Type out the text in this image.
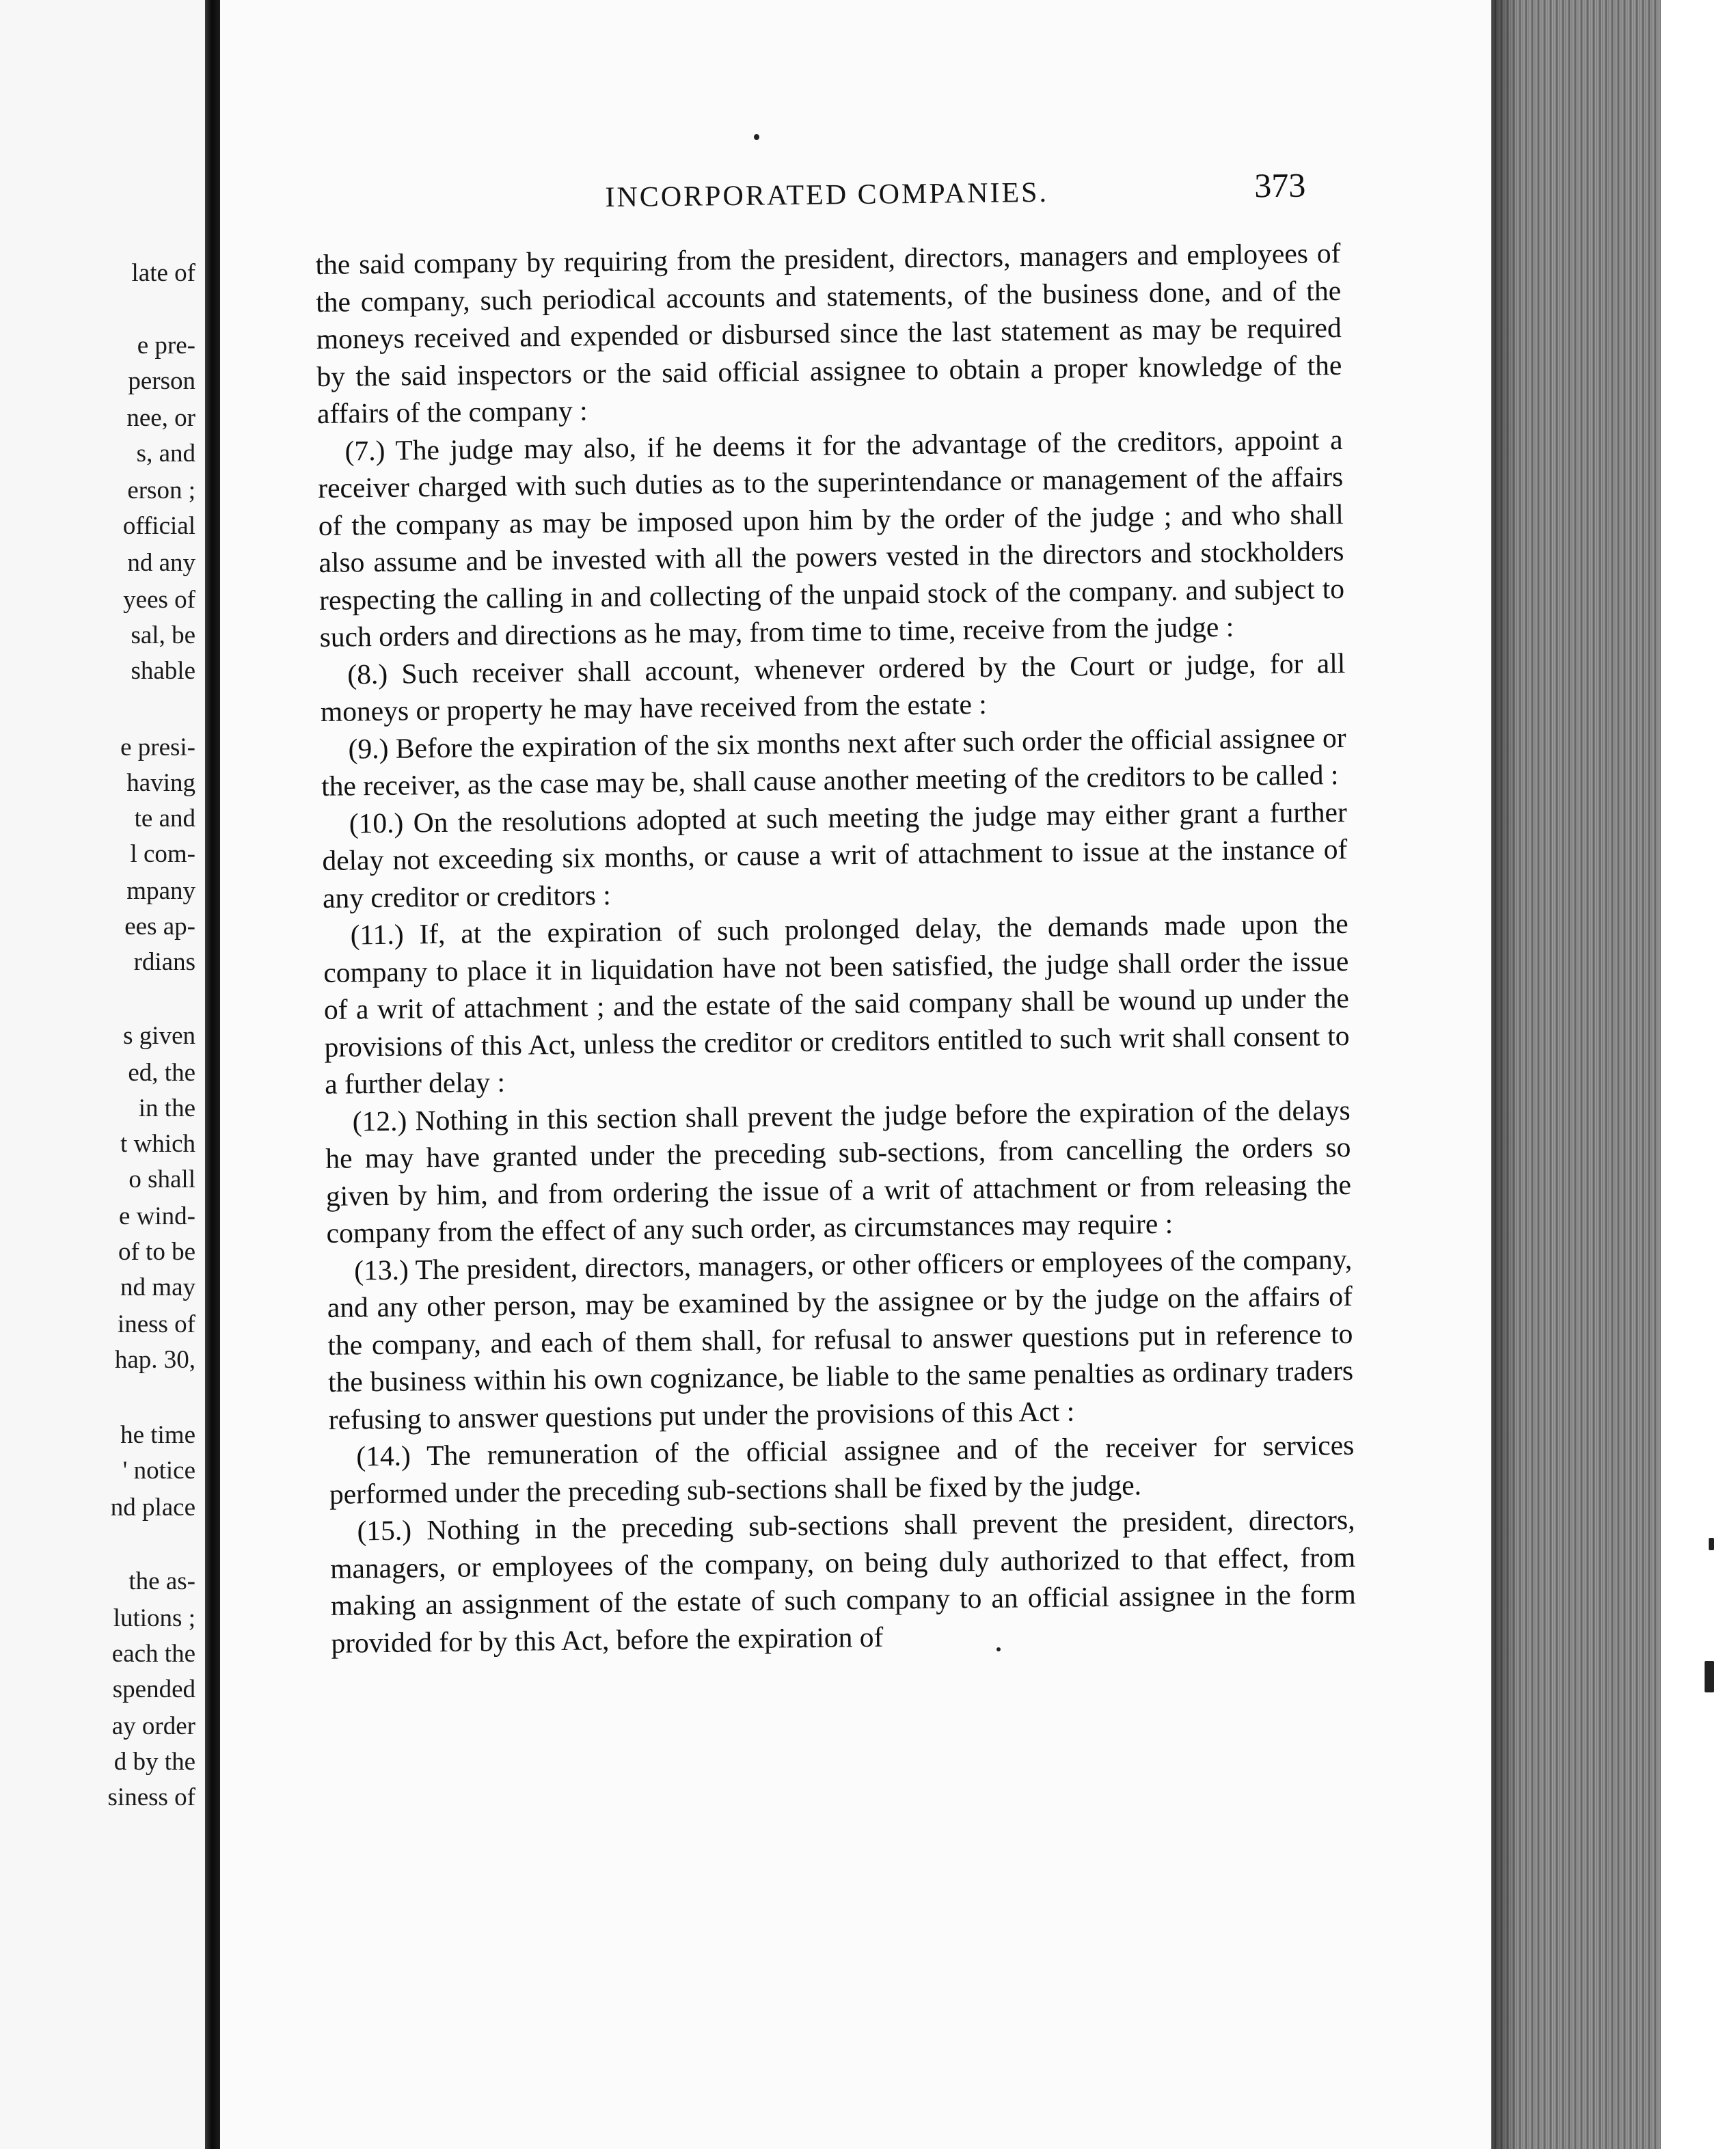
late of
e pre-
person
nee, or
s, and
erson ;
official
nd any
yees of
sal, be
shable
e presi-
having
te and
l com-
mpany
ees ap-
rdians
s given
ed, the
in the
t which
o shall
e wind-
of to be
nd may
iness of
hap. 30,
he time
' notice
nd place
the as-
lutions ;
each the
spended
ay order
d by the
siness of
INCORPORATED COMPANIES.	373

the said company by requiring from the president, directors, managers and employees of the company, such periodical accounts and statements, of the business done, and of the moneys received and expended or disbursed since the last statement as may be required by the said inspectors or the said official assignee to obtain a proper knowledge of the affairs of the company :

(7.) The judge may also, if he deems it for the advantage of the creditors, appoint a receiver charged with such duties as to the superintendance or management of the affairs of the company as may be imposed upon him by the order of the judge ; and who shall also assume and be invested with all the powers vested in the directors and stockholders respecting the calling in and collecting of the unpaid stock of the company. and subject to such orders and directions as he may, from time to time, receive from the judge :

(8.) Such receiver shall account, whenever ordered by the Court or judge, for all moneys or property he may have received from the estate :

(9.) Before the expiration of the six months next after such order the official assignee or the receiver, as the case may be, shall cause another meeting of the creditors to be called :

(10.) On the resolutions adopted at such meeting the judge may either grant a further delay not exceeding six months, or cause a writ of attachment to issue at the instance of any creditor or creditors :

(11.) If, at the expiration of such prolonged delay, the demands made upon the company to place it in liquidation have not been satisfied, the judge shall order the issue of a writ of attachment ; and the estate of the said company shall be wound up under the provisions of this Act, unless the creditor or creditors entitled to such writ shall consent to a further delay :

(12.) Nothing in this section shall prevent the judge before the expiration of the delays he may have granted under the preceding sub-sections, from cancelling the orders so given by him, and from ordering the issue of a writ of attachment or from releasing the company from the effect of any such order, as circumstances may require :

(13.) The president, directors, managers, or other officers or employees of the company, and any other person, may be examined by the assignee or by the judge on the affairs of the company, and each of them shall, for refusal to answer questions put in reference to the business within his own cognizance, be liable to the same penalties as ordinary traders refusing to answer questions put under the provisions of this Act :

(14.) The remuneration of the official assignee and of the receiver for services performed under the preceding sub-sections shall be fixed by the judge.

(15.) Nothing in the preceding sub-sections shall prevent the president, directors, managers, or employees of the company, on being duly authorized to that effect, from making an assignment of the estate of such company to an official assignee in the form provided for by this Act, before the expiration of
